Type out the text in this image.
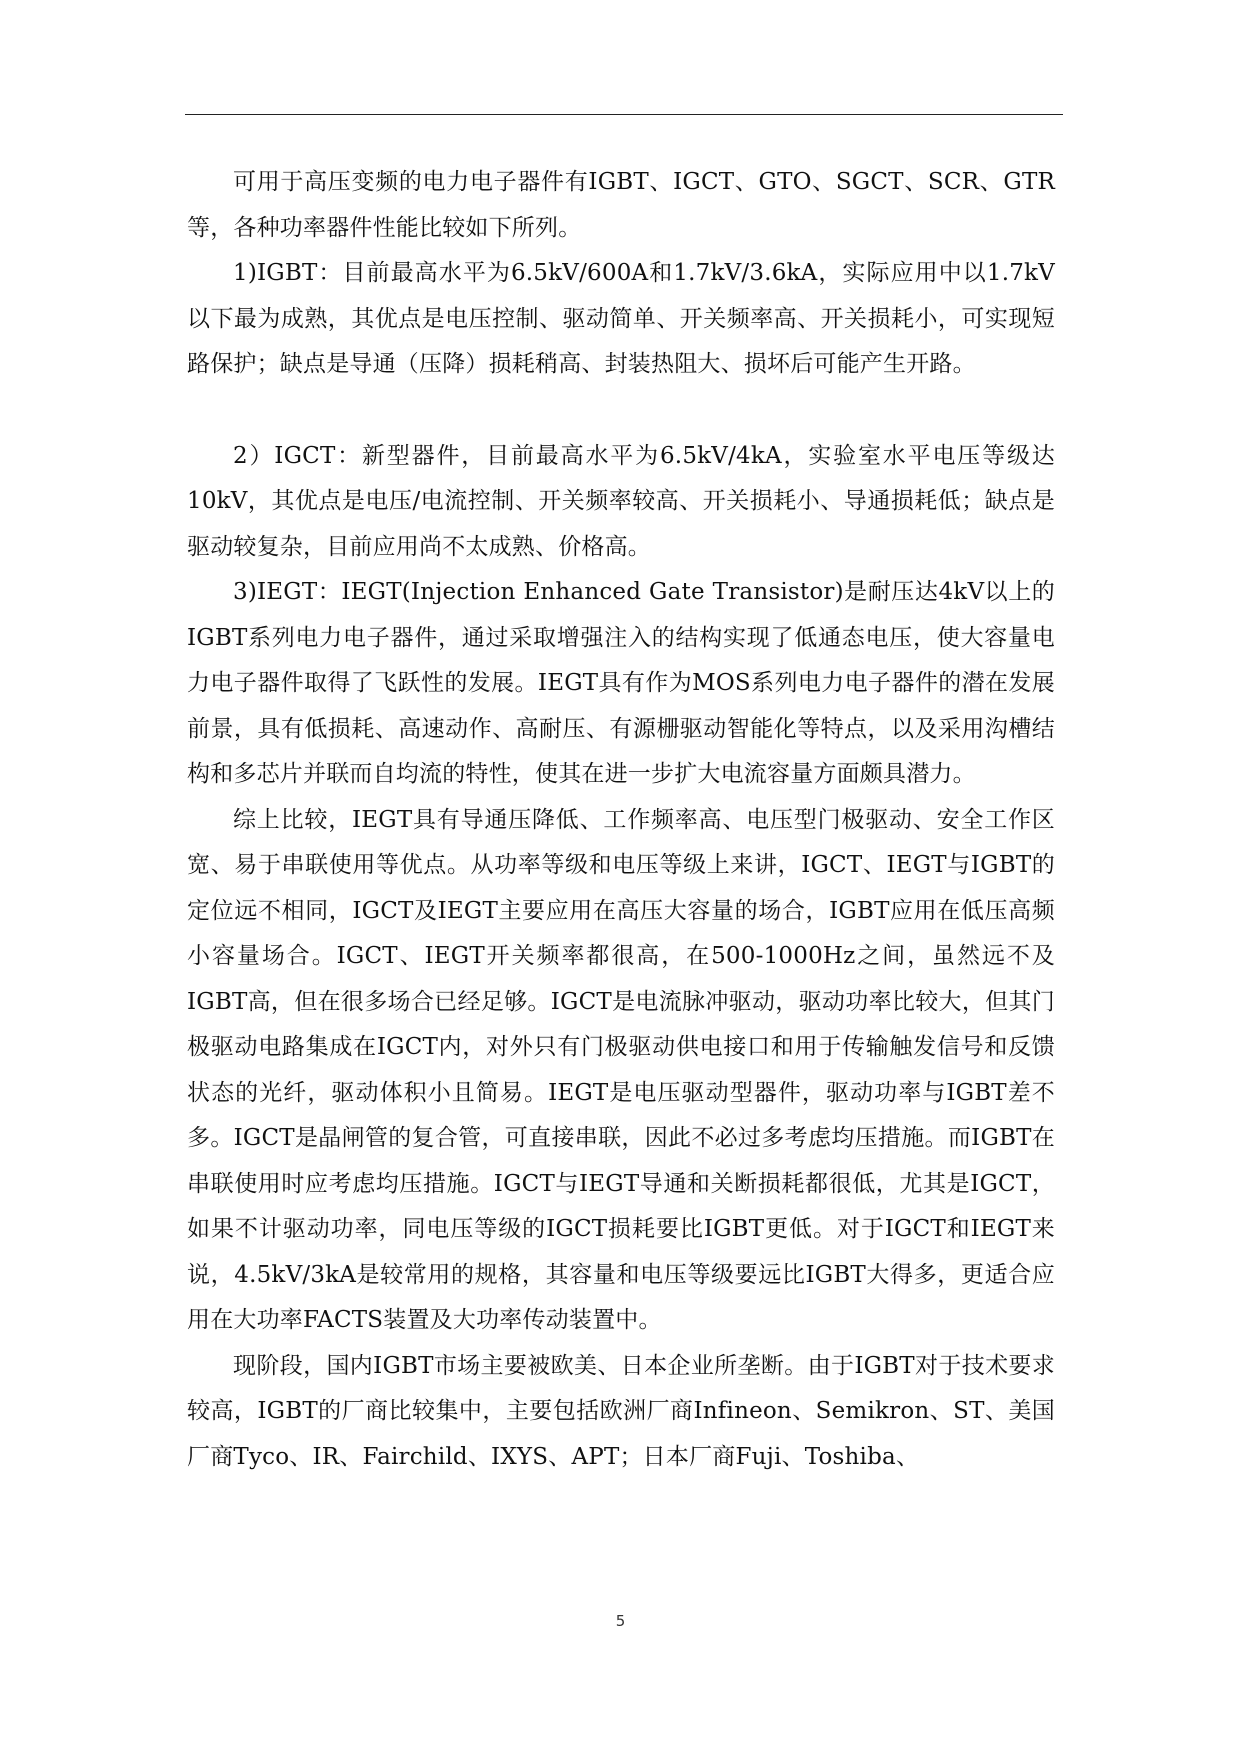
可用于高压变频的电力电子器件有IGBT、IGCT、GTO、SGCT、SCR、GTR等，各种功率器件性能比较如下所列。

1)IGBT：目前最高水平为6.5kV/600A和1.7kV/3.6kA，实际应用中以1.7kV以下最为成熟，其优点是电压控制、驱动简单、开关频率高、开关损耗小，可实现短路保护；缺点是导通（压降）损耗稍高、封装热阻大、损坏后可能产生开路。

2）IGCT：新型器件，目前最高水平为6.5kV/4kA，实验室水平电压等级达10kV，其优点是电压/电流控制、开关频率较高、开关损耗小、导通损耗低；缺点是驱动较复杂，目前应用尚不太成熟、价格高。

3)IEGT：IEGT(Injection Enhanced Gate Transistor)是耐压达4kV以上的IGBT系列电力电子器件，通过采取增强注入的结构实现了低通态电压，使大容量电力电子器件取得了飞跃性的发展。IEGT具有作为MOS系列电力电子器件的潜在发展前景，具有低损耗、高速动作、高耐压、有源栅驱动智能化等特点，以及采用沟槽结构和多芯片并联而自均流的特性，使其在进一步扩大电流容量方面颇具潜力。

综上比较，IEGT具有导通压降低、工作频率高、电压型门极驱动、安全工作区宽、易于串联使用等优点。从功率等级和电压等级上来讲，IGCT、IEGT与IGBT的定位远不相同，IGCT及IEGT主要应用在高压大容量的场合，IGBT应用在低压高频小容量场合。IGCT、IEGT开关频率都很高，在500-1000Hz之间，虽然远不及IGBT高，但在很多场合已经足够。IGCT是电流脉冲驱动，驱动功率比较大，但其门极驱动电路集成在IGCT内，对外只有门极驱动供电接口和用于传输触发信号和反馈状态的光纤，驱动体积小且简易。IEGT是电压驱动型器件，驱动功率与IGBT差不多。IGCT是晶闸管的复合管，可直接串联，因此不必过多考虑均压措施。而IGBT在串联使用时应考虑均压措施。IGCT与IEGT导通和关断损耗都很低，尤其是IGCT，如果不计驱动功率，同电压等级的IGCT损耗要比IGBT更低。对于IGCT和IEGT来说，4.5kV/3kA是较常用的规格，其容量和电压等级要远比IGBT大得多，更适合应用在大功率FACTS装置及大功率传动装置中。

现阶段，国内IGBT市场主要被欧美、日本企业所垄断。由于IGBT对于技术要求较高，IGBT的厂商比较集中，主要包括欧洲厂商Infineon、Semikron、ST、美国厂商Tyco、IR、Fairchild、IXYS、APT；日本厂商Fuji、Toshiba、

5
